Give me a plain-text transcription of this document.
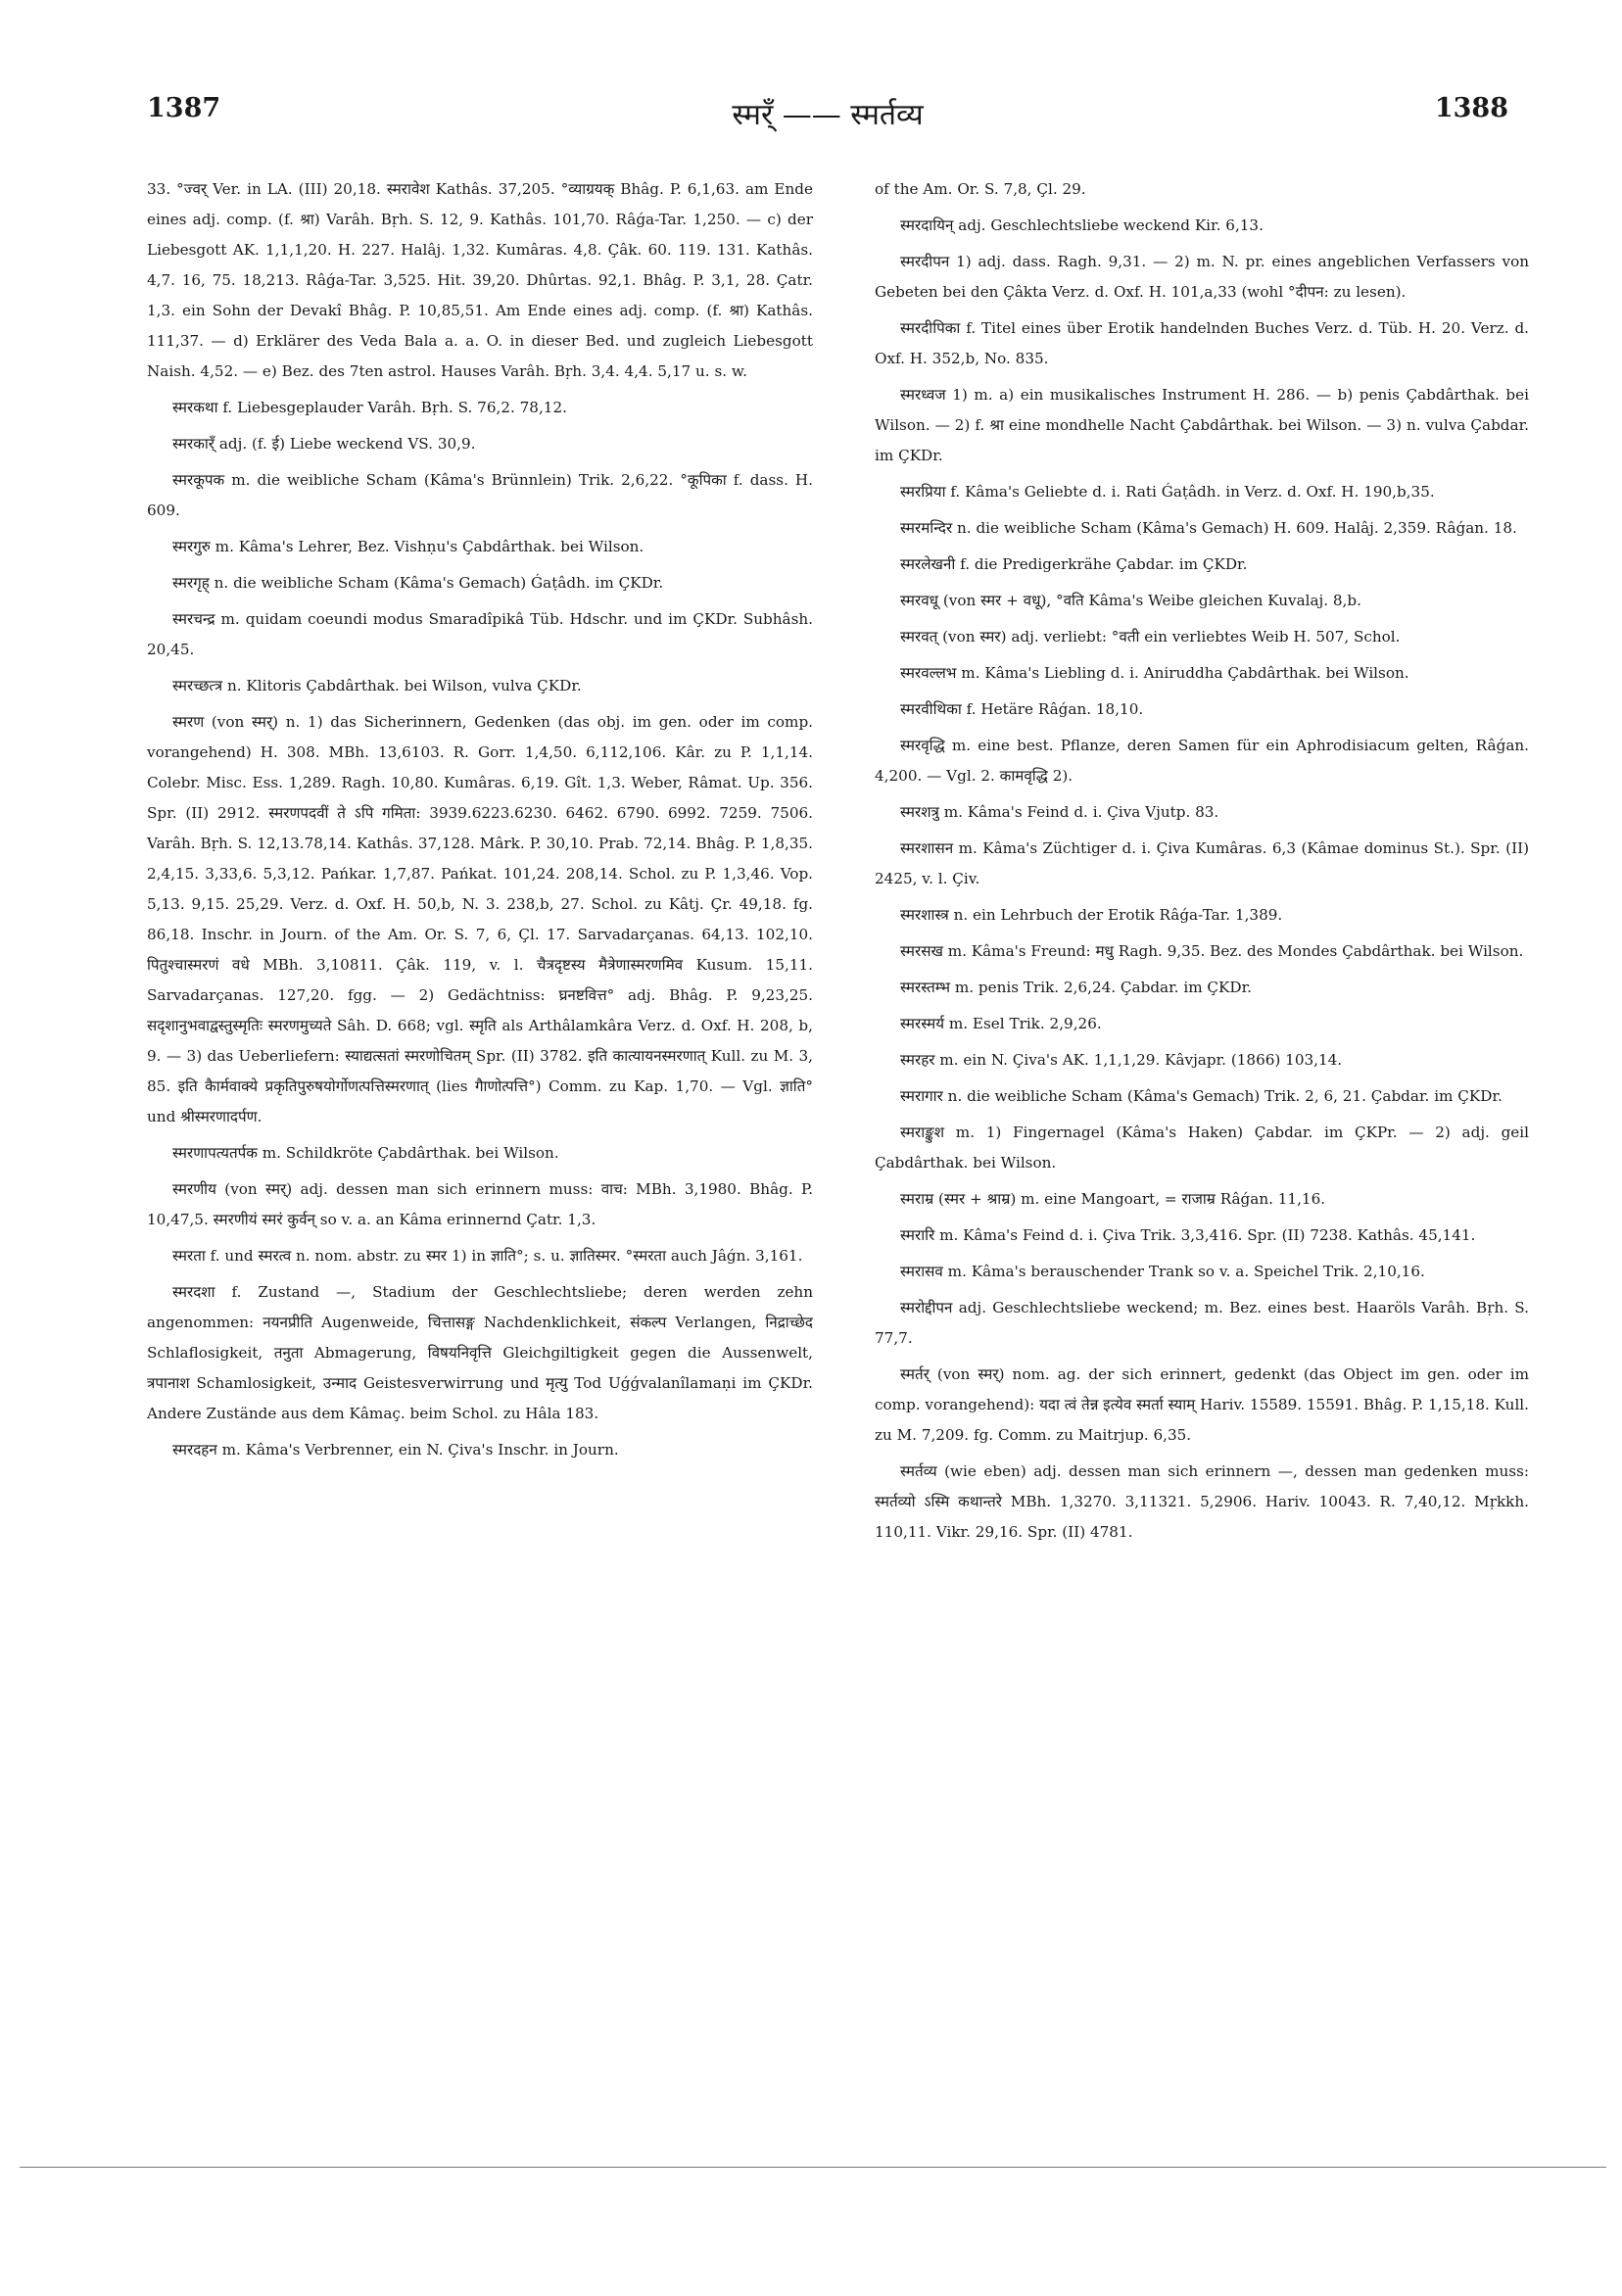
1387	स्मर्ँ —— स्मर्तव्य	1388

33. °ज्वर् Ver. in LA. (III) 20,18. स्मरावेश Kathâs. 37,205. °व्याग्रयक् Bhâg. P. 6,1,63. am Ende eines adj. comp. (f. श्रा) Varâh. Bṛh. S. 12, 9. Kathâs. 101,70. Râǵa-Tar. 1,250. — c) der Liebesgott AK. 1,1,1,20. H. 227. Halâj. 1,32. Kumâras. 4,8. Çâk. 60. 119. 131. Kathâs. 4,7. 16, 75. 18,213. Râǵa-Tar. 3,525. Hit. 39,20. Dhûrtas. 92,1. Bhâg. P. 3,1, 28. Çatr. 1,3. ein Sohn der Devakî Bhâg. P. 10,85,51. Am Ende eines adj. comp. (f. श्रा) Kathâs. 111,37. — d) Erklärer des Veda Bala a. a. O. in dieser Bed. und zugleich Liebesgott Naish. 4,52. — e) Bez. des 7ten astrol. Hauses Varâh. Bṛh. 3,4. 4,4. 5,17 u. s. w.

स्मरकथा f. Liebesgeplauder Varâh. Bṛh. S. 76,2. 78,12.

स्मरकार्ँ adj. (f. ई) Liebe weckend VS. 30,9.

स्मरकूपक m. die weibliche Scham (Kâma's Brünnlein) Trik. 2,6,22. °कूपिका f. dass. H. 609.

स्मरगुरु m. Kâma's Lehrer, Bez. Vishṇu's Çabdârthak. bei Wilson.

स्मरगृह् n. die weibliche Scham (Kâma's Gemach) Ǵaṭâdh. im ÇKDr.

स्मरचन्द्र m. quidam coeundi modus Smaradîpikâ Tüb. Hdschr. und im ÇKDr. Subhâsh. 20,45.

स्मरच्छत्त्र n. Klitoris Çabdârthak. bei Wilson, vulva ÇKDr.

स्मरण (von स्मर्) n. 1) das Sicherinnern, Gedenken (das obj. im gen. oder im comp. vorangehend) H. 308. MBh. 13,6103. R. Gorr. 1,4,50. 6,112,106. Kâr. zu P. 1,1,14. Colebr. Misc. Ess. 1,289. Ragh. 10,80. Kumâras. 6,19. Gît. 1,3. Weber, Râmat. Up. 356. Spr. (II) 2912. स्मरणपदवीं ते ऽपि गमिता: 3939.6223.6230. 6462. 6790. 6992. 7259. 7506. Varâh. Bṛh. S. 12,13.78,14. Kathâs. 37,128. Mârk. P. 30,10. Prab. 72,14. Bhâg. P. 1,8,35. 2,4,15. 3,33,6. 5,3,12. Pańkar. 1,7,87. Pańkat. 101,24. 208,14. Schol. zu P. 1,3,46. Vop. 5,13. 9,15. 25,29. Verz. d. Oxf. H. 50,b, N. 3. 238,b, 27. Schol. zu Kâtj. Çr. 49,18. fg. 86,18. Inschr. in Journ. of the Am. Or. S. 7, 6, Çl. 17. Sarvadarçanas. 64,13. 102,10. पितुश्चास्मरणं वधे MBh. 3,10811. Çâk. 119, v. l. चैत्रदृष्टस्य मैत्रेणास्मरणमिव Kusum. 15,11. Sarvadarçanas. 127,20. fgg. — 2) Gedächtniss: घ्रनष्टवित्त° adj. Bhâg. P. 9,23,25. सदृशानुभवाद्वस्तुस्मृतिः स्मरणमुच्यते Sâh. D. 668; vgl. स्मृति als Arthâlamkâra Verz. d. Oxf. H. 208, b, 9. — 3) das Ueberliefern: स्याद्यत्सतां स्मरणोचितम् Spr. (II) 3782. इति कात्यायनस्मरणात् Kull. zu M. 3, 85. इति कैार्मवाक्ये प्रकृतिपुरुषयोर्गोणत्पत्तिस्मरणात् (lies गैाणोत्पत्ति°) Comm. zu Kap. 1,70. — Vgl. ज्ञाति° und श्रीस्मरणादर्पण.

स्मरणापत्यतर्पक m. Schildkröte Çabdârthak. bei Wilson.

स्मरणीय (von स्मर्) adj. dessen man sich erinnern muss: वाच: MBh. 3,1980. Bhâg. P. 10,47,5. स्मरणीयं स्मरं कुर्वन् so v. a. an Kâma erinnernd Çatr. 1,3.

स्मरता f. und स्मरत्व n. nom. abstr. zu स्मर 1) in ज्ञाति°; s. u. ज्ञातिस्मर. °स्मरता auch Jâǵn. 3,161.

स्मरदशा f. Zustand —, Stadium der Geschlechtsliebe; deren werden zehn angenommen: नयनप्रीति Augenweide, चित्तासङ्ग Nachdenklichkeit, संकल्प Verlangen, निद्राच्छेद Schlaflosigkeit, तनुता Abmagerung, विषयनिवृत्ति Gleichgiltigkeit gegen die Aussenwelt, त्रपानाश Schamlosigkeit, उन्माद Geistesverwirrung und मृत्यु Tod Uǵǵvalanîlamaṇi im ÇKDr. Andere Zustände aus dem Kâmaç. beim Schol. zu Hâla 183.

स्मरदहन m. Kâma's Verbrenner, ein N. Çiva's Inschr. in Journ.

of the Am. Or. S. 7,8, Çl. 29.

स्मरदायिन् adj. Geschlechtsliebe weckend Kir. 6,13.

स्मरदीपन 1) adj. dass. Ragh. 9,31. — 2) m. N. pr. eines angeblichen Verfassers von Gebeten bei den Çâkta Verz. d. Oxf. H. 101,a,33 (wohl °दीपन: zu lesen).

स्मरदीपिका f. Titel eines über Erotik handelnden Buches Verz. d. Tüb. H. 20. Verz. d. Oxf. H. 352,b, No. 835.

स्मरध्वज 1) m. a) ein musikalisches Instrument H. 286. — b) penis Çabdârthak. bei Wilson. — 2) f. श्रा eine mondhelle Nacht Çabdârthak. bei Wilson. — 3) n. vulva Çabdar. im ÇKDr.

स्मरप्रिया f. Kâma's Geliebte d. i. Rati Ǵaṭâdh. in Verz. d. Oxf. H. 190,b,35.

स्मरमन्दिर n. die weibliche Scham (Kâma's Gemach) H. 609. Halâj. 2,359. Râǵan. 18.

स्मरलेखनी f. die Predigerkrähe Çabdar. im ÇKDr.

स्मरवधू (von स्मर + वधू), °वति Kâma's Weibe gleichen Kuvalaj. 8,b.

स्मरवत् (von स्मर) adj. verliebt: °वती ein verliebtes Weib H. 507, Schol.

स्मरवल्लभ m. Kâma's Liebling d. i. Aniruddha Çabdârthak. bei Wilson.

स्मरवीथिका f. Hetäre Râǵan. 18,10.

स्मरवृद्धि m. eine best. Pflanze, deren Samen für ein Aphrodisiacum gelten, Râǵan. 4,200. — Vgl. 2. कामवृद्धि 2).

स्मरशत्रु m. Kâma's Feind d. i. Çiva Vjutp. 83.

स्मरशासन m. Kâma's Züchtiger d. i. Çiva Kumâras. 6,3 (Kâmae dominus St.). Spr. (II) 2425, v. l. Çiv.

स्मरशास्त्र n. ein Lehrbuch der Erotik Râǵa-Tar. 1,389.

स्मरसख m. Kâma's Freund: मधु Ragh. 9,35. Bez. des Mondes Çabdârthak. bei Wilson.

स्मरस्तम्भ m. penis Trik. 2,6,24. Çabdar. im ÇKDr.

स्मरस्मर्य m. Esel Trik. 2,9,26.

स्मरहर m. ein N. Çiva's AK. 1,1,1,29. Kâvjapr. (1866) 103,14.

स्मरागार n. die weibliche Scham (Kâma's Gemach) Trik. 2, 6, 21. Çabdar. im ÇKDr.

स्मराङ्कुश m. 1) Fingernagel (Kâma's Haken) Çabdar. im ÇKPr. — 2) adj. geil Çabdârthak. bei Wilson.

स्मराम्र (स्मर + श्राम्र) m. eine Mangoart, = राजाम्र Râǵan. 11,16.

स्मरारि m. Kâma's Feind d. i. Çiva Trik. 3,3,416. Spr. (II) 7238. Kathâs. 45,141.

स्मरासव m. Kâma's berauschender Trank so v. a. Speichel Trik. 2,10,16.

स्मरोद्दीपन adj. Geschlechtsliebe weckend; m. Bez. eines best. Haaröls Varâh. Bṛh. S. 77,7.

स्मर्तर् (von स्मर्) nom. ag. der sich erinnert, gedenkt (das Object im gen. oder im comp. vorangehend): यदा त्वं तेन्न इत्येव स्मर्ता स्याम् Hariv. 15589. 15591. Bhâg. P. 1,15,18. Kull. zu M. 7,209. fg. Comm. zu Maitrjup. 6,35.

स्मर्तव्य (wie eben) adj. dessen man sich erinnern —, dessen man gedenken muss: स्मर्तव्यो ऽस्मि कथान्तरे MBh. 1,3270. 3,11321. 5,2906. Hariv. 10043. R. 7,40,12. Mṛkkh. 110,11. Vikr. 29,16. Spr. (II) 4781.
